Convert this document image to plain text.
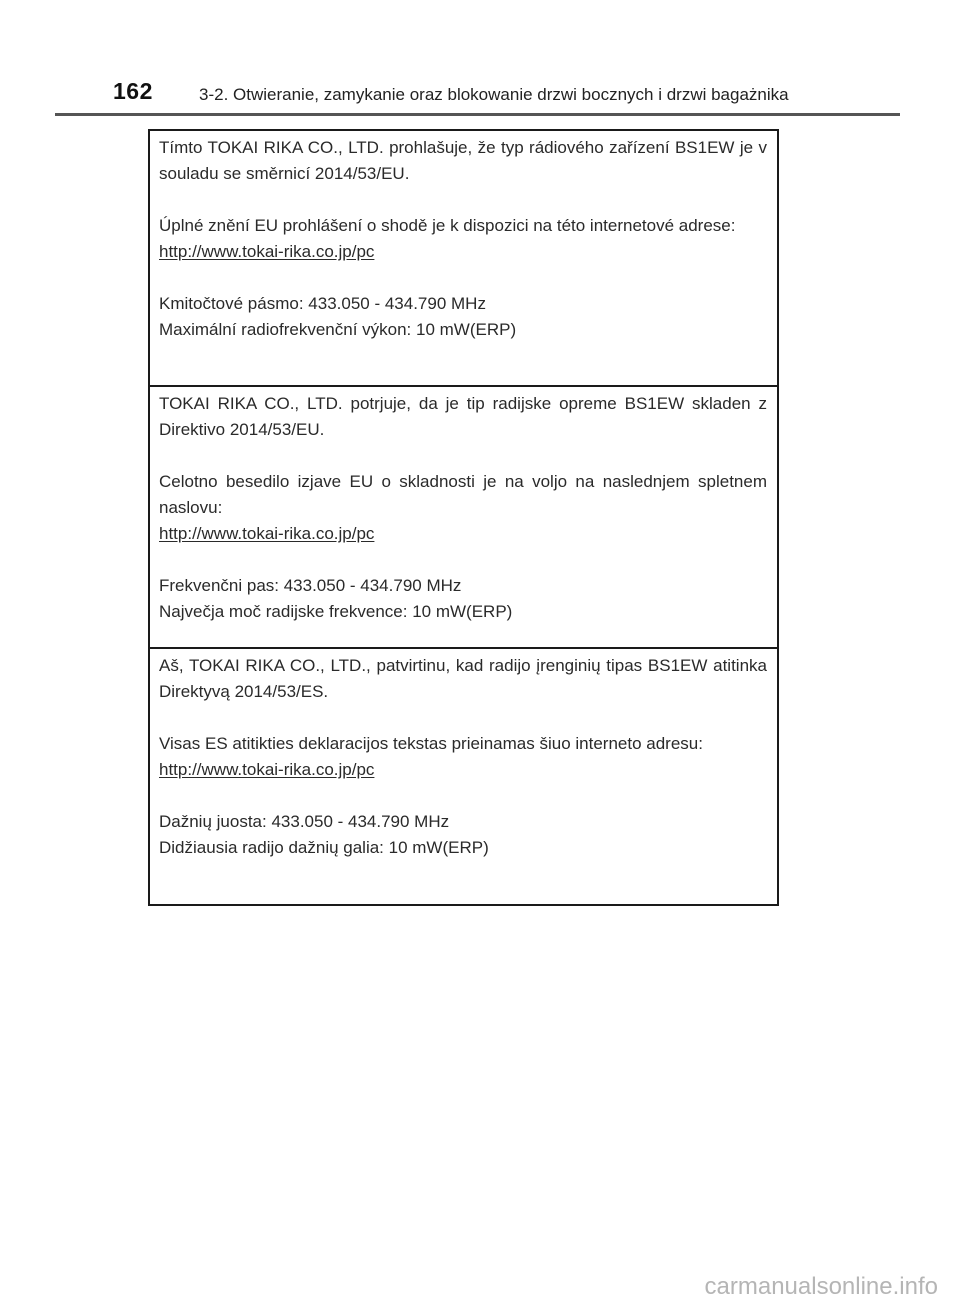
162	3-2. Otwieranie, zamykanie oraz blokowanie drzwi bocznych i drzwi bagażnika

Tímto TOKAI RIKA CO., LTD. prohlašuje, že typ rádiového zařízení BS1EW je v souladu se směrnicí 2014/53/EU.

Úplné znění EU prohlášení o shodě je k dispozici na této internetové adrese:

http://www.tokai-rika.co.jp/pc

Kmitočtové pásmo: 433.050 - 434.790 MHz

Maximální radiofrekvenční výkon: 10 mW(ERP)

TOKAI RIKA CO., LTD. potrjuje, da je tip radijske opreme BS1EW skladen z Direktivo 2014/53/EU.

Celotno besedilo izjave EU o skladnosti je na voljo na naslednjem spletnem naslovu:

http://www.tokai-rika.co.jp/pc

Frekvenčni pas: 433.050 - 434.790 MHz

Največja moč radijske frekvence: 10 mW(ERP)

Aš, TOKAI RIKA CO., LTD., patvirtinu, kad radijo įrenginių tipas BS1EW atitinka Direktyvą 2014/53/ES.

Visas ES atitikties deklaracijos tekstas prieinamas šiuo interneto adresu:

http://www.tokai-rika.co.jp/pc

Dažnių juosta: 433.050 - 434.790 MHz

Didžiausia radijo dažnių galia: 10 mW(ERP)

carmanualsonline.info
